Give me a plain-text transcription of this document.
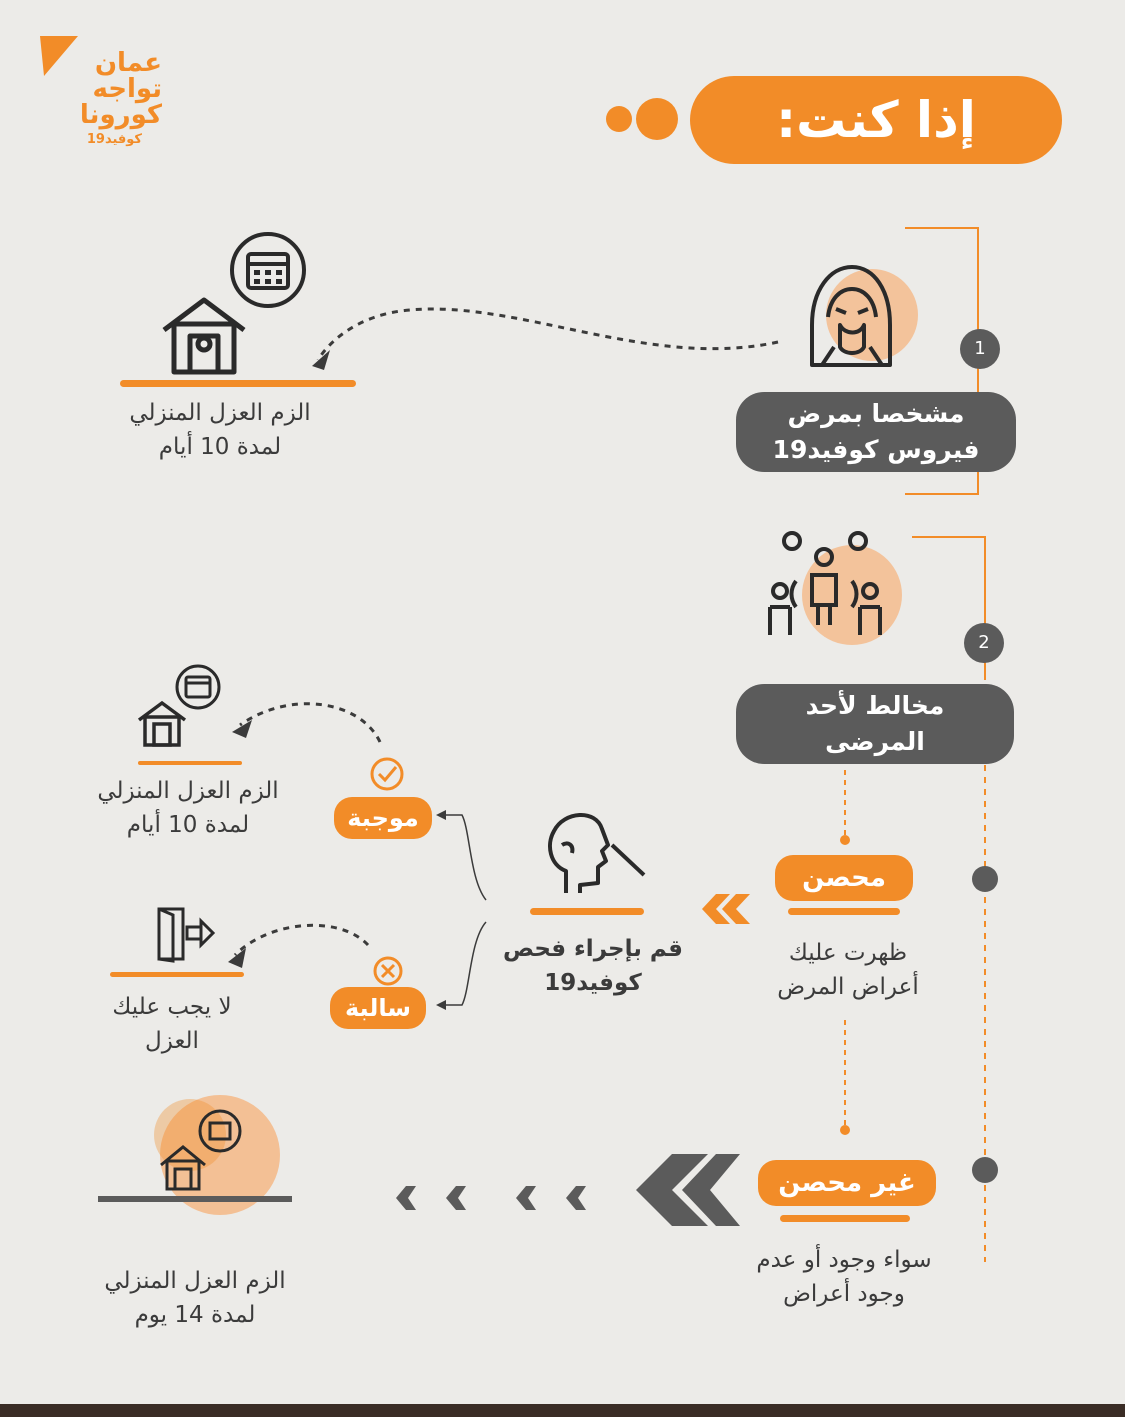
عمان
تواجه
كورونا
كوفيد19	إذا كنت:
1
مشخصا بمرض
فيروس كوفيد19
الزم العزل المنزلي
لمدة 10 أيام
2
مخالط لأحد
المرضى
محصن
ظهرت عليك
أعراض المرض
قم بإجراء فحص
كوفيد19
موجبة
الزم العزل المنزلي
لمدة 10 أيام
سالبة
لا يجب عليك
العزل
غير محصن
سواء وجود أو عدم
وجود أعراض
الزم العزل المنزلي
لمدة 14 يوم
